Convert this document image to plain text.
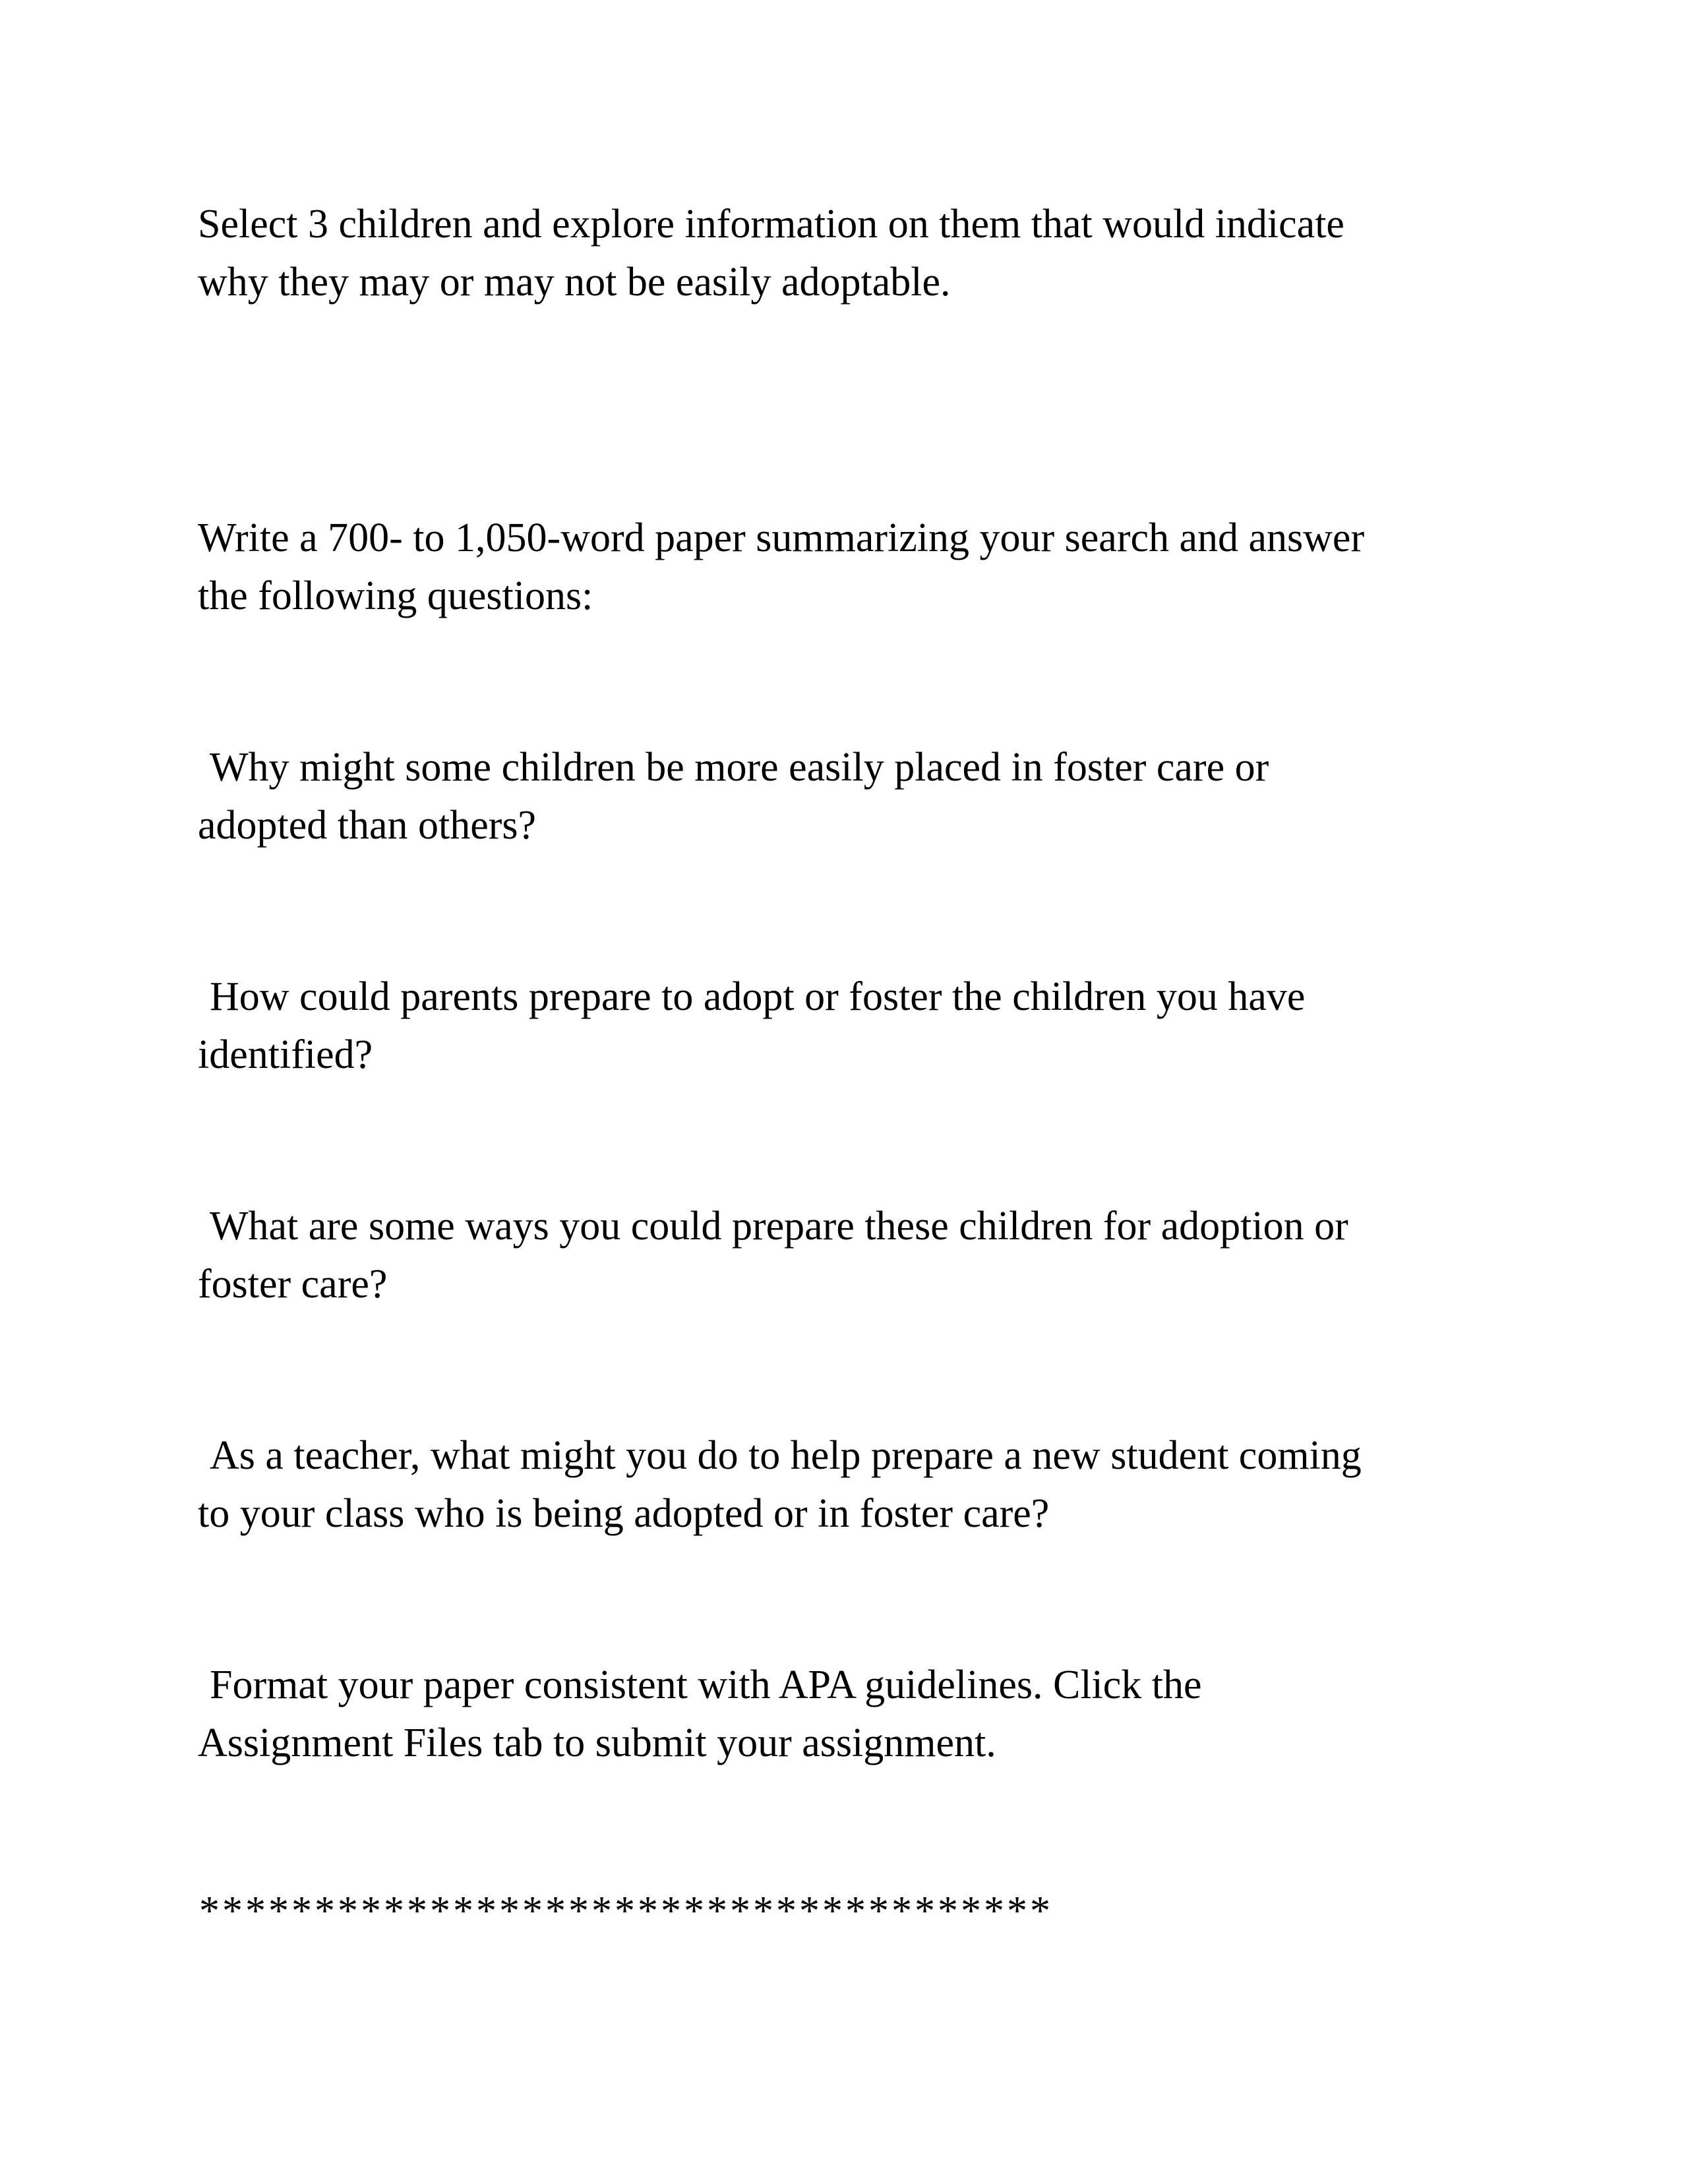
Select 3 children and explore information on them that would indicate
why they may or may not be easily adoptable.

Write a 700- to 1,050-word paper summarizing your search and answer
the following questions:

Why might some children be more easily placed in foster care or
adopted than others?

How could parents prepare to adopt or foster the children you have
identified?

What are some ways you could prepare these children for adoption or
foster care?

As a teacher, what might you do to help prepare a new student coming
to your class who is being adopted or in foster care?

Format your paper consistent with APA guidelines. Click the
Assignment Files tab to submit your assignment.

*************************************
